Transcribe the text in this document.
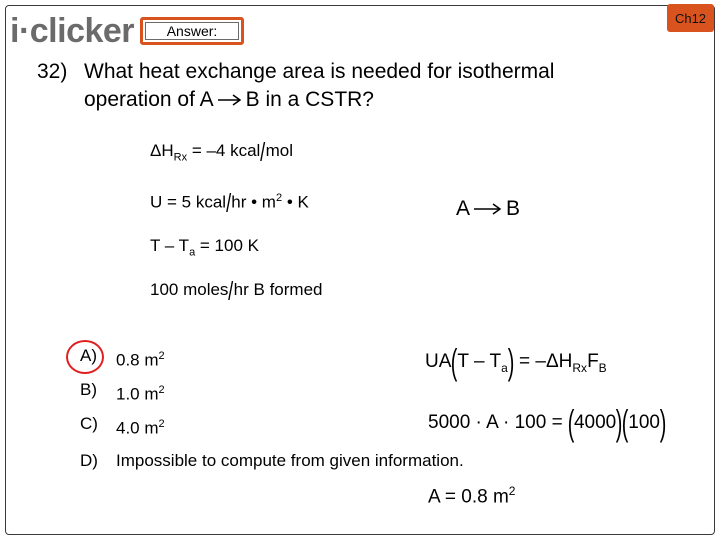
i·clicker	Answer:
Ch12
32) What heat exchange area is needed for isothermal
operation of A B in a CSTR?
$\Delta H_{Rx} = -4$ kcal/mol
U = 5 kcal/hr • $m^2$ • K
$T - T_a = 100$ K
100 moles/hr B formed
A → B
A) 0.8 $m^2$
B) 1.0 $m^2$
C) 4.0 $m^2$
D) Impossible to compute from given information.
$UA(T - T_a) = -\Delta H_{Rx}F_B$
5000 · A · 100 = (4000)(100)
A = 0.8 $m^2$
